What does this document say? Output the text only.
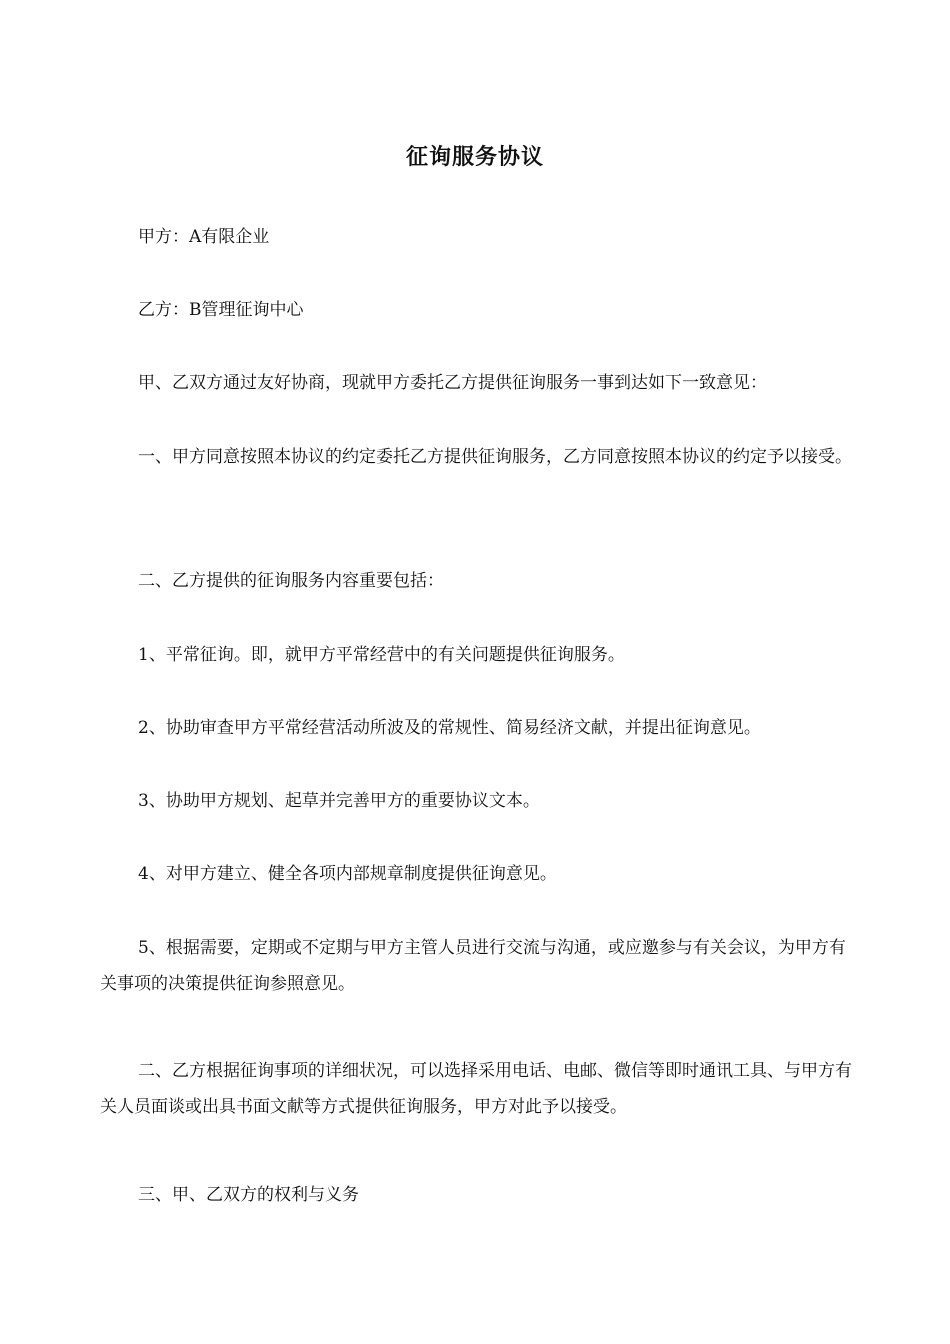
征询服务协议
甲方：A有限企业
乙方：B管理征询中心
甲、乙双方通过友好协商，现就甲方委托乙方提供征询服务一事到达如下一致意见：
一、甲方同意按照本协议的约定委托乙方提供征询服务，乙方同意按照本协议的约定予以接受。
二、乙方提供的征询服务内容重要包括：
1、平常征询。即，就甲方平常经营中的有关问题提供征询服务。
2、协助审查甲方平常经营活动所波及的常规性、简易经济文献，并提出征询意见。
3、协助甲方规划、起草并完善甲方的重要协议文本。
4、对甲方建立、健全各项内部规章制度提供征询意见。
5、根据需要，定期或不定期与甲方主管人员进行交流与沟通，或应邀参与有关会议，为甲方有关事项的决策提供征询参照意见。
二、乙方根据征询事项的详细状况，可以选择采用电话、电邮、微信等即时通讯工具、与甲方有关人员面谈或出具书面文献等方式提供征询服务，甲方对此予以接受。
三、甲、乙双方的权利与义务
